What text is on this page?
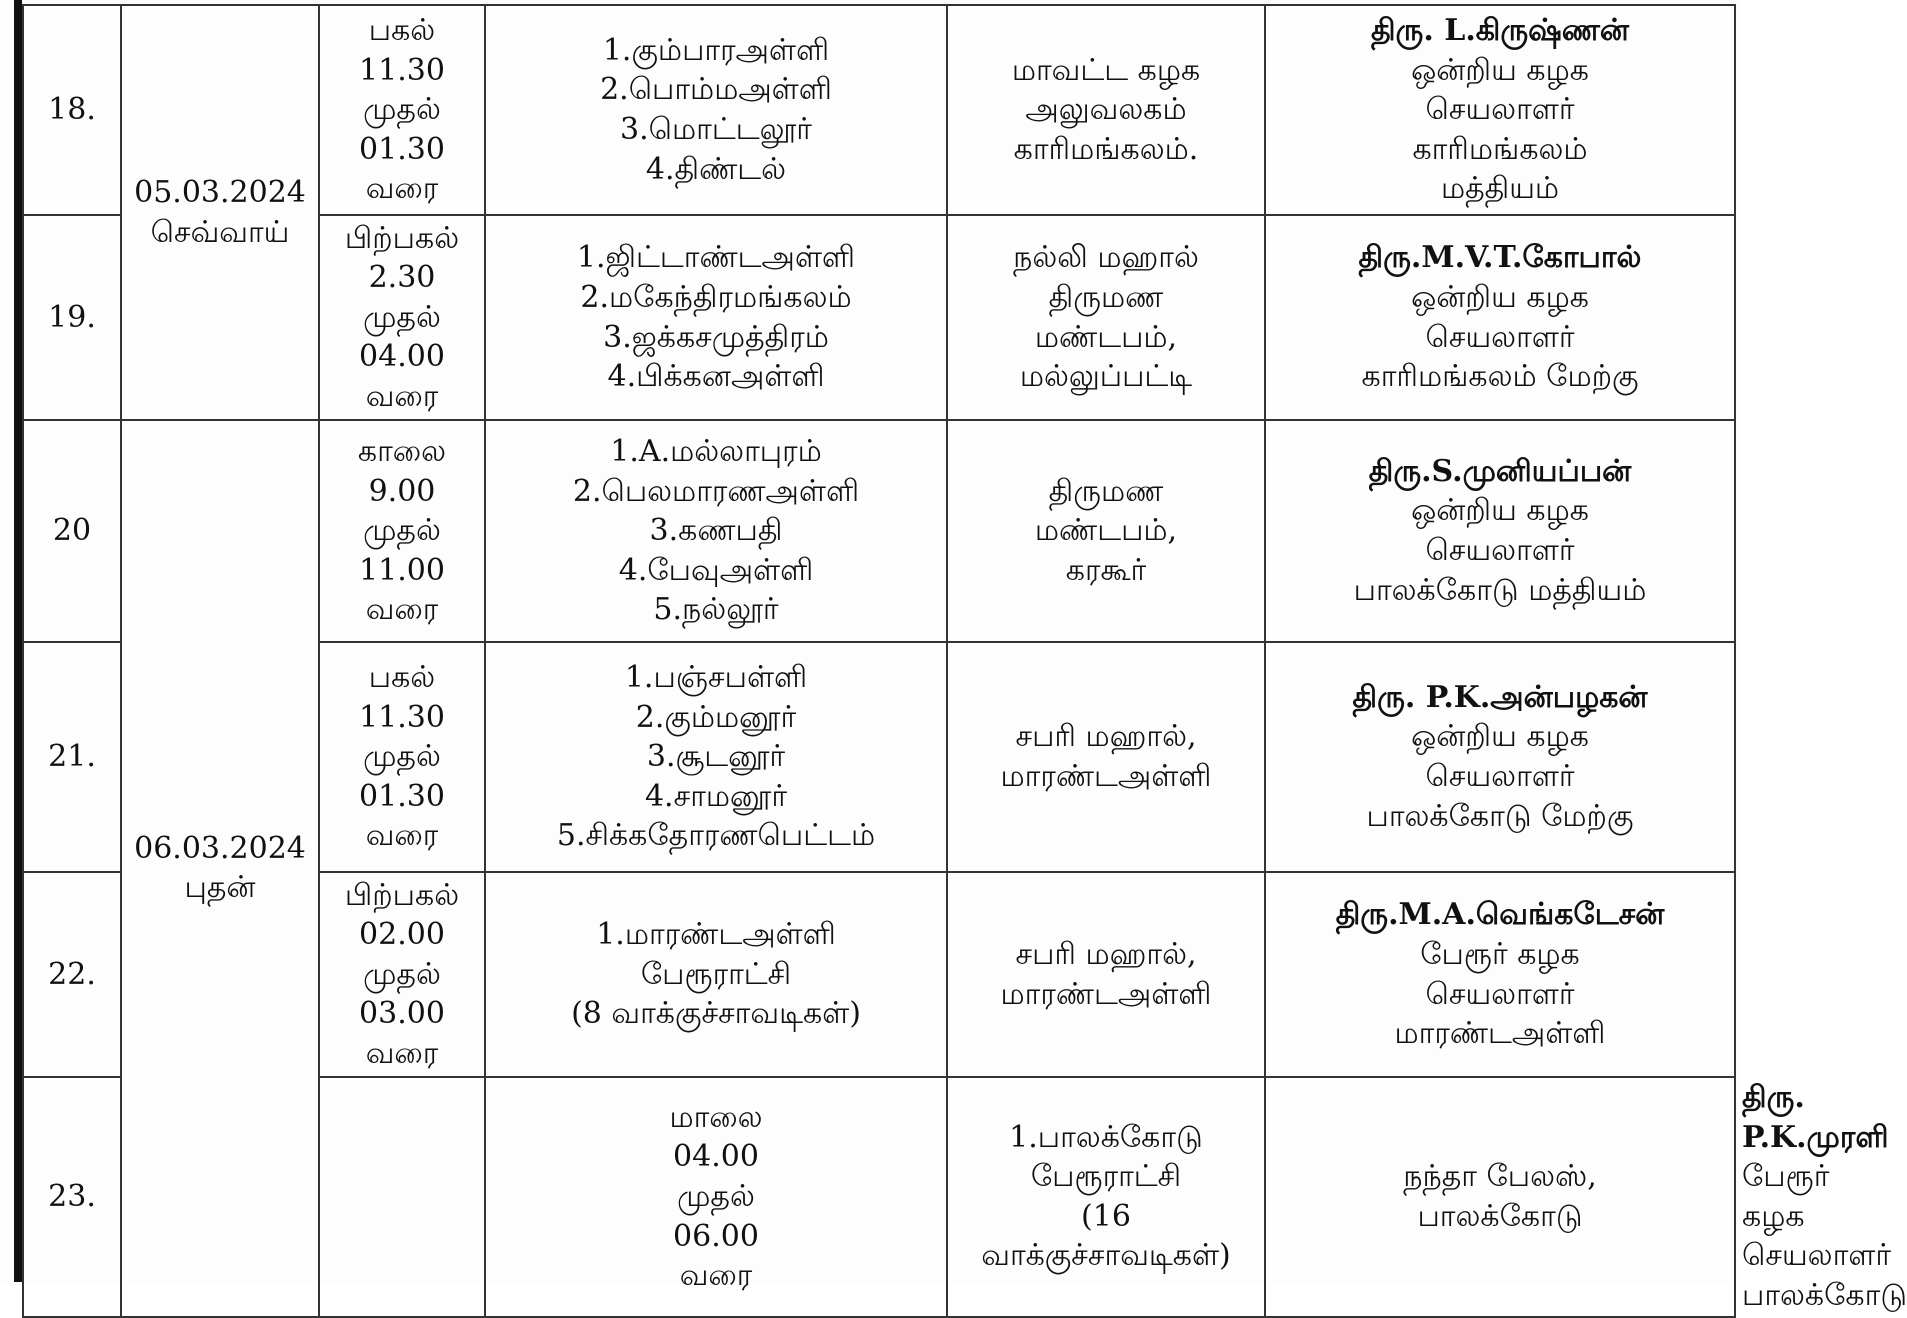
18.	05.03.2024
செவ்வாய்	பகல்
11.30
முதல்
01.30
வரை	1.கும்பாரஅள்ளி
2.பொம்மஅள்ளி
3.மொட்டலூர்
4.திண்டல்	மாவட்ட கழக
அலுவலகம்
காரிமங்கலம்.	திரு. L.கிருஷ்ணன்
ஒன்றிய கழக
செயலாளர்
காரிமங்கலம்
மத்தியம்	

19.		பிற்பகல்
2.30
முதல்
04.00
வரை	1.ஜிட்டாண்டஅள்ளி
2.மகேந்திரமங்கலம்
3.ஜக்கசமுத்திரம்
4.பிக்கனஅள்ளி	நல்லி மஹால்
திருமண
மண்டபம்,
மல்லுப்பட்டி	திரு.M.V.T.கோபால்
ஒன்றிய கழக
செயலாளர்
காரிமங்கலம் மேற்கு	

20	06.03.2024
புதன்	காலை
9.00
முதல்
11.00
வரை	1.A.மல்லாபுரம்
2.பெலமாரணஅள்ளி
3.கணபதி
4.பேவுஅள்ளி
5.நல்லூர்	திருமண
மண்டபம்,
கரகூர்	திரு.S.முனியப்பன்
ஒன்றிய கழக
செயலாளர்
பாலக்கோடு மத்தியம்	

21.		பகல்
11.30
முதல்
01.30
வரை	1.பஞ்சபள்ளி
2.கும்மனூர்
3.சூடனூர்
4.சாமனூர்
5.சிக்கதோரணபெட்டம்	சபரி மஹால்,
மாரண்டஅள்ளி	திரு. P.K.அன்பழகன்
ஒன்றிய கழக
செயலாளர்
பாலக்கோடு மேற்கு	

22.		பிற்பகல்
02.00
முதல்
03.00
வரை	1.மாரண்டஅள்ளி
பேரூராட்சி
(8 வாக்குச்சாவடிகள்)	சபரி மஹால்,
மாரண்டஅள்ளி	திரு.M.A.வெங்கடேசன்
பேரூர் கழக
செயலாளர்
மாரண்டஅள்ளி	

23.			மாலை
04.00
முதல்
06.00
வரை	1.பாலக்கோடு
பேரூராட்சி
(16 வாக்குச்சாவடிகள்)	நந்தா பேலஸ்,
பாலக்கோடு	திரு. P.K.முரளி
பேரூர் கழக
செயலாளர்
பாலக்கோடு
